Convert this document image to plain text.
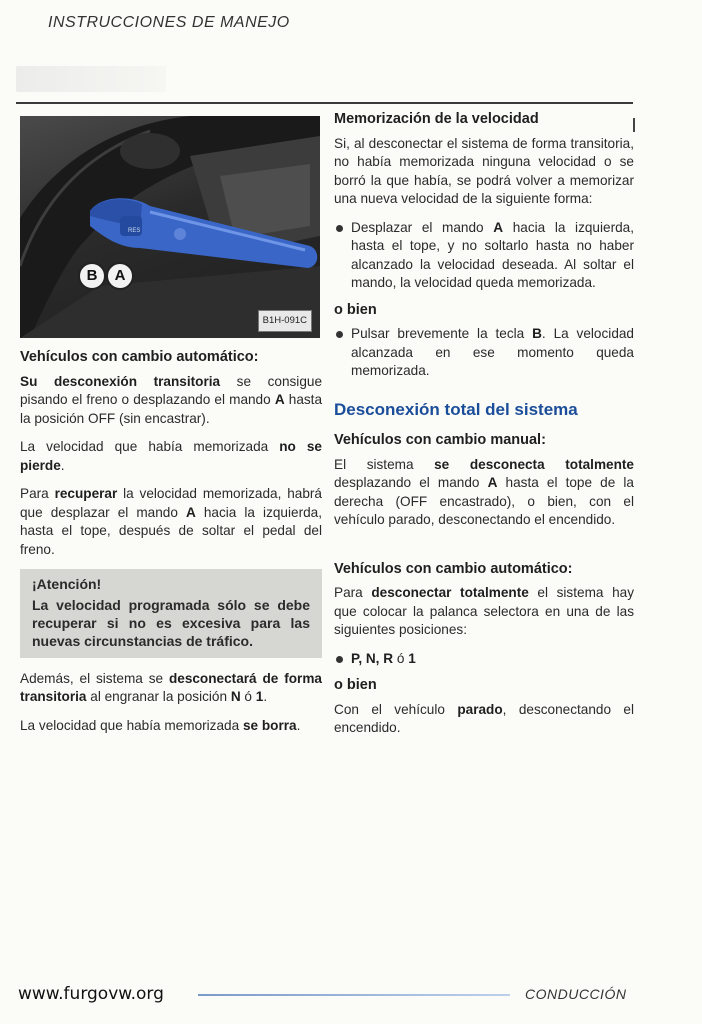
INSTRUCCIONES DE MANEJO
B	A
RES
B1H-091C
Vehículos con cambio automático:

Su desconexión transitoria se consigue pisando el freno o desplazando el mando A hasta la posición OFF (sin encastrar).

La velocidad que había memorizada no se pierde.

Para recuperar la velocidad memorizada, habrá que desplazar el mando A hacia la izquierda, hasta el tope, después de soltar el pedal del freno.

¡Atención!
La velocidad programada sólo se debe recuperar si no es excesiva para las nuevas circunstancias de tráfico.

Además, el sistema se desconectará de forma transitoria al engranar la posición N ó 1.

La velocidad que había memorizada se borra.

Memorización de la velocidad

Si, al desconectar el sistema de forma transitoria, no había memorizada ninguna velocidad o se borró la que había, se podrá volver a memorizar una nueva velocidad de la siguiente forma:

Desplazar el mando A hacia la izquierda, hasta el tope, y no soltarlo hasta no haber alcanzado la velocidad deseada. Al soltar el mando, la velocidad queda memorizada.
o bien
Pulsar brevemente la tecla B. La velocidad alcanzada en ese momento queda memorizada.
Desconexión total del sistema
Vehículos con cambio manual:

El sistema se desconecta totalmente desplazando el mando A hasta el tope de la derecha (OFF encastrado), o bien, con el vehículo parado, desconectando el encendido.

Vehículos con cambio automático:

Para desconectar totalmente el sistema hay que colocar la palanca selectora en una de las siguientes posiciones:

P, N, R ó 1
o bien

Con el vehículo parado, desconectando el encendido.

www.furgovw.org	CONDUCCIÓN
